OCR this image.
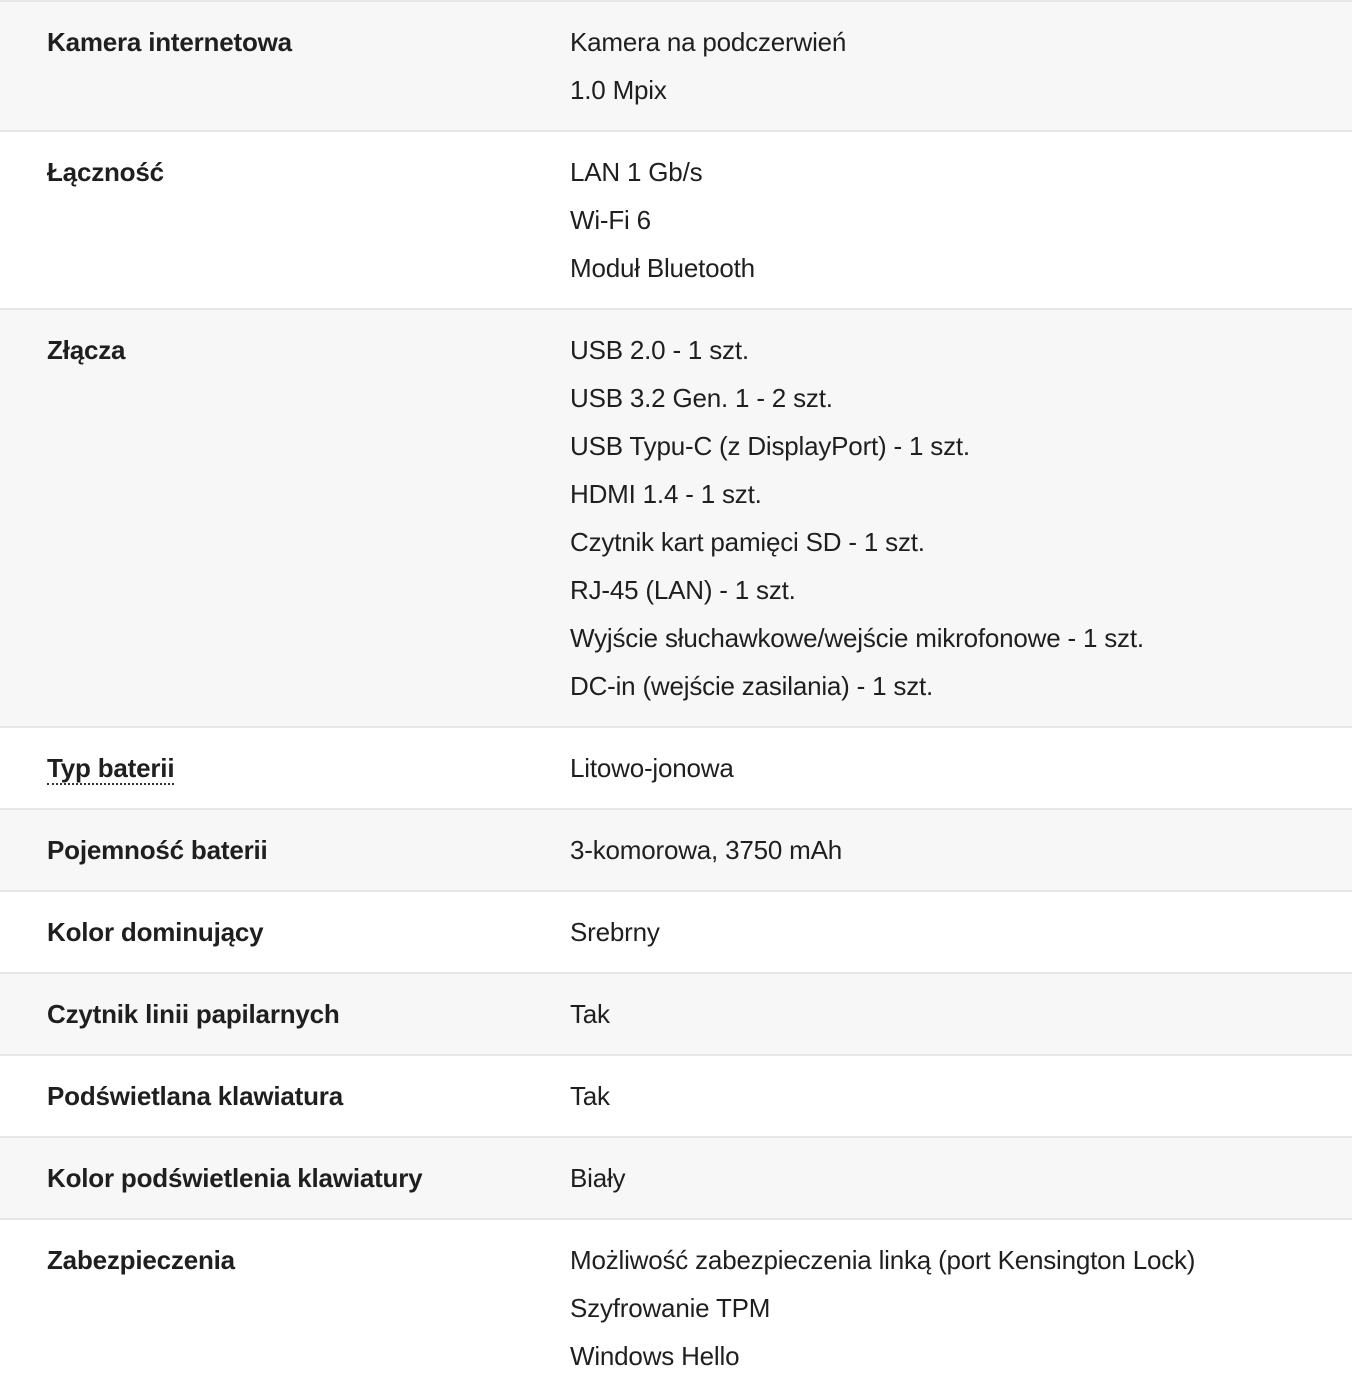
Kamera internetowa	Kamera na podczerwień
1.0 Mpix
Łączność	LAN 1 Gb/s
Wi-Fi 6
Moduł Bluetooth
Złącza	USB 2.0 - 1 szt.
USB 3.2 Gen. 1 - 2 szt.
USB Typu-C (z DisplayPort) - 1 szt.
HDMI 1.4 - 1 szt.
Czytnik kart pamięci SD - 1 szt.
RJ-45 (LAN) - 1 szt.
Wyjście słuchawkowe/wejście mikrofonowe - 1 szt.
DC-in (wejście zasilania) - 1 szt.
Typ baterii	Litowo-jonowa
Pojemność baterii	3-komorowa, 3750 mAh
Kolor dominujący	Srebrny
Czytnik linii papilarnych	Tak
Podświetlana klawiatura	Tak
Kolor podświetlenia klawiatury	Biały
Zabezpieczenia	Możliwość zabezpieczenia linką (port Kensington Lock)
Szyfrowanie TPM
Windows Hello
